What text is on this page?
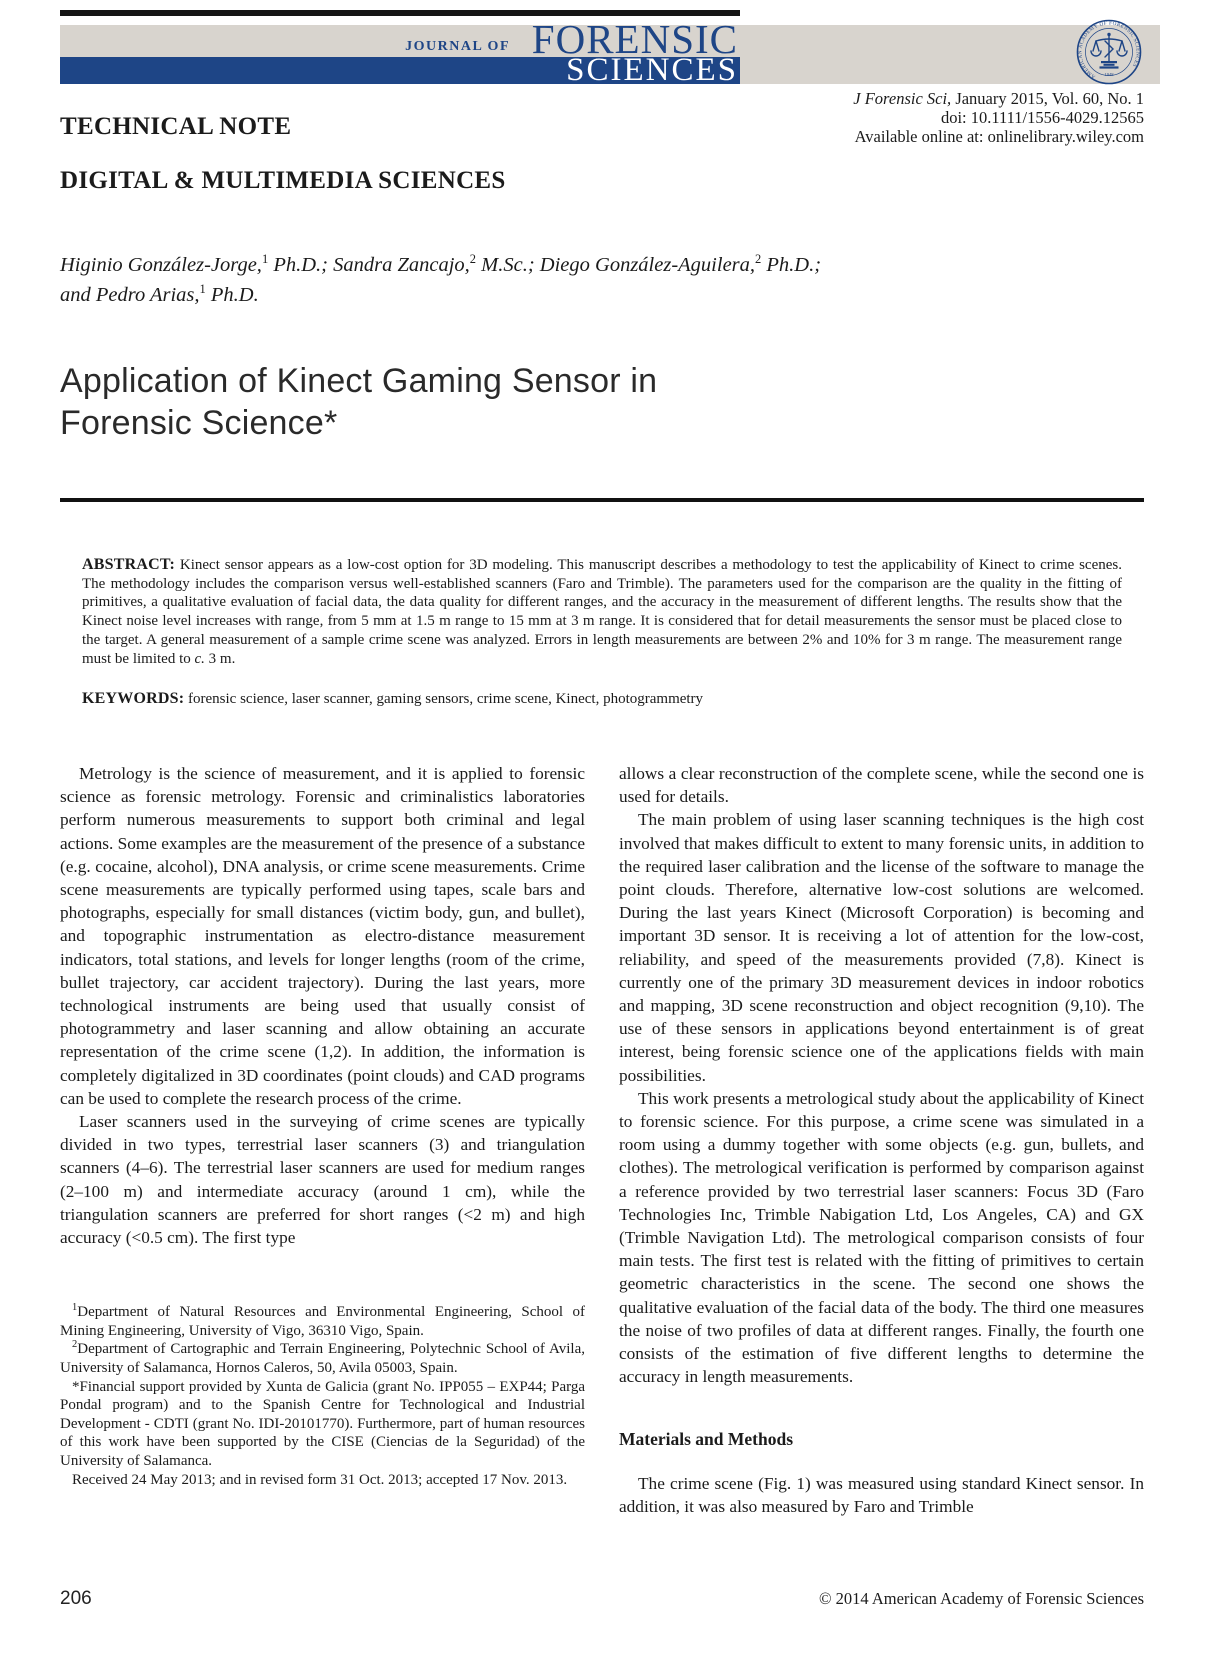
JOURNAL OF FORENSIC
SCIENCES	AMERICAN ACADEMY OF FORENSIC SCIENCES
1948
J Forensic Sci, January 2015, Vol. 60, No. 1
doi: 10.1111/1556-4029.12565
Available online at: onlinelibrary.wiley.com
TECHNICAL NOTE
DIGITAL & MULTIMEDIA SCIENCES
Higinio González-Jorge,$^1$ Ph.D.; Sandra Zancajo,$^2$ M.Sc.; Diego González-Aguilera,$^2$ Ph.D.;
and Pedro Arias,$^1$ Ph.D.
Application of Kinect Gaming Sensor in
Forensic Science*
ABSTRACT: Kinect sensor appears as a low-cost option for 3D modeling. This manuscript describes a methodology to test the applicability of Kinect to crime scenes. The methodology includes the comparison versus well-established scanners (Faro and Trimble). The parameters used for the comparison are the quality in the fitting of primitives, a qualitative evaluation of facial data, the data quality for different ranges, and the accuracy in the measurement of different lengths. The results show that the Kinect noise level increases with range, from 5 mm at 1.5 m range to 15 mm at 3 m range. It is considered that for detail measurements the sensor must be placed close to the target. A general measurement of a sample crime scene was analyzed. Errors in length measurements are between 2% and 10% for 3 m range. The measurement range must be limited to c. 3 m.
KEYWORDS: forensic science, laser scanner, gaming sensors, crime scene, Kinect, photogrammetry

Metrology is the science of measurement, and it is applied to forensic science as forensic metrology. Forensic and criminalistics laboratories perform numerous measurements to support both criminal and legal actions. Some examples are the measurement of the presence of a substance (e.g. cocaine, alcohol), DNA analysis, or crime scene measurements. Crime scene measurements are typically performed using tapes, scale bars and photographs, especially for small distances (victim body, gun, and bullet), and topographic instrumentation as electro-distance measurement indicators, total stations, and levels for longer lengths (room of the crime, bullet trajectory, car accident trajectory). During the last years, more technological instruments are being used that usually consist of photogrammetry and laser scanning and allow obtaining an accurate representation of the crime scene (1,2). In addition, the information is completely digitalized in 3D coordinates (point clouds) and CAD programs can be used to complete the research process of the crime.

Laser scanners used in the surveying of crime scenes are typically divided in two types, terrestrial laser scanners (3) and triangulation scanners (4–6). The terrestrial laser scanners are used for medium ranges (2–100 m) and intermediate accuracy (around 1 cm), while the triangulation scanners are preferred for short ranges (<2 m) and high accuracy (<0.5 cm). The first type

$^1$Department of Natural Resources and Environmental Engineering, School of Mining Engineering, University of Vigo, 36310 Vigo, Spain.

$^2$Department of Cartographic and Terrain Engineering, Polytechnic School of Avila, University of Salamanca, Hornos Caleros, 50, Avila 05003, Spain.

*Financial support provided by Xunta de Galicia (grant No. IPP055 – EXP44; Parga Pondal program) and to the Spanish Centre for Technological and Industrial Development - CDTI (grant No. IDI-20101770). Furthermore, part of human resources of this work have been supported by the CISE (Ciencias de la Seguridad) of the University of Salamanca.

Received 24 May 2013; and in revised form 31 Oct. 2013; accepted 17 Nov. 2013.

allows a clear reconstruction of the complete scene, while the second one is used for details.

The main problem of using laser scanning techniques is the high cost involved that makes difficult to extent to many forensic units, in addition to the required laser calibration and the license of the software to manage the point clouds. Therefore, alternative low-cost solutions are welcomed. During the last years Kinect (Microsoft Corporation) is becoming and important 3D sensor. It is receiving a lot of attention for the low-cost, reliability, and speed of the measurements provided (7,8). Kinect is currently one of the primary 3D measurement devices in indoor robotics and mapping, 3D scene reconstruction and object recognition (9,10). The use of these sensors in applications beyond entertainment is of great interest, being forensic science one of the applications fields with main possibilities.

This work presents a metrological study about the applicability of Kinect to forensic science. For this purpose, a crime scene was simulated in a room using a dummy together with some objects (e.g. gun, bullets, and clothes). The metrological verification is performed by comparison against a reference provided by two terrestrial laser scanners: Focus 3D (Faro Technologies Inc, Trimble Nabigation Ltd, Los Angeles, CA) and GX (Trimble Navigation Ltd). The metrological comparison consists of four main tests. The first test is related with the fitting of primitives to certain geometric characteristics in the scene. The second one shows the qualitative evaluation of the facial data of the body. The third one measures the noise of two profiles of data at different ranges. Finally, the fourth one consists of the estimation of five different lengths to determine the accuracy in length measurements.

Materials and Methods

The crime scene (Fig. 1) was measured using standard Kinect sensor. In addition, it was also measured by Faro and Trimble

206	© 2014 American Academy of Forensic Sciences
